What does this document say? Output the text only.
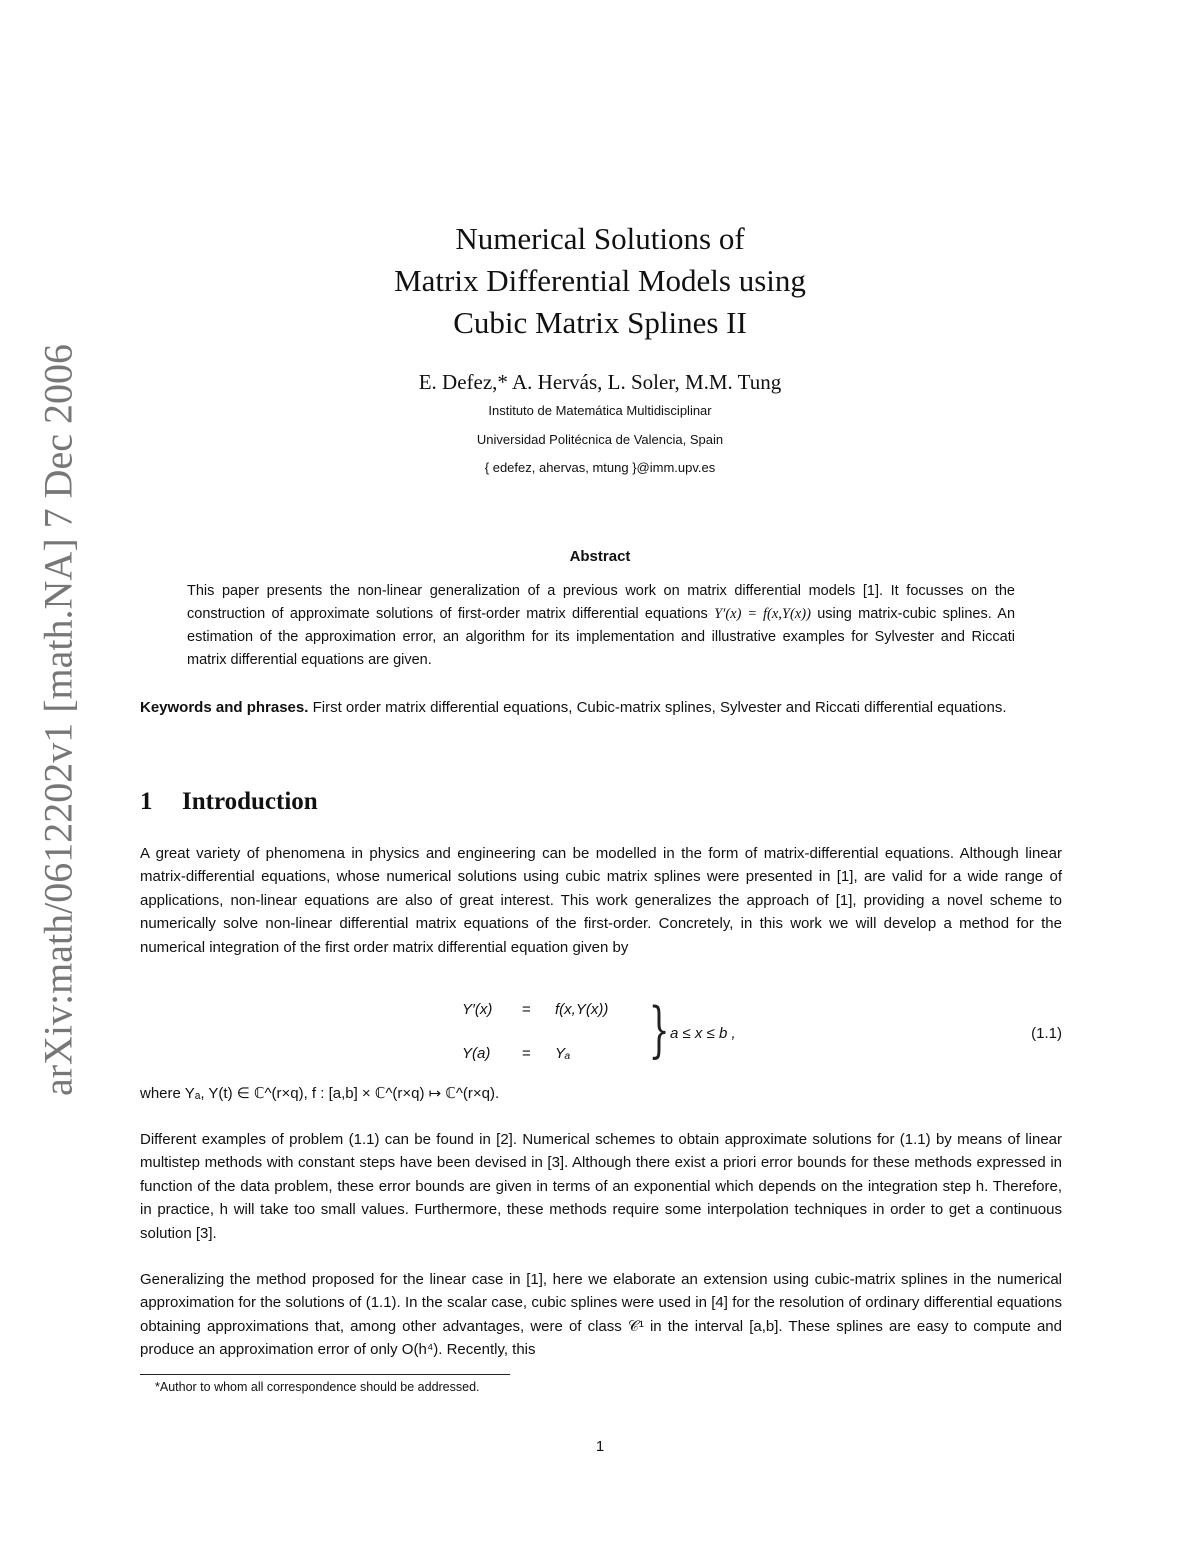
arXiv:math/0612202v1 [math.NA] 7 Dec 2006
Numerical Solutions of
Matrix Differential Models using
Cubic Matrix Splines II
E. Defez,* A. Hervás, L. Soler, M.M. Tung
Instituto de Matemática Multidisciplinar
Universidad Politécnica de Valencia, Spain
{ edefez, ahervas, mtung }@imm.upv.es
Abstract
This paper presents the non-linear generalization of a previous work on matrix differential models [1]. It focusses on the construction of approximate solutions of first-order matrix differential equations Y′(x) = f(x,Y(x)) using matrix-cubic splines. An estimation of the approximation error, an algorithm for its implementation and illustrative examples for Sylvester and Riccati matrix differential equations are given.
Keywords and phrases. First order matrix differential equations, Cubic-matrix splines, Sylvester and Riccati differential equations.
1 Introduction
A great variety of phenomena in physics and engineering can be modelled in the form of matrix-differential equations. Although linear matrix-differential equations, whose numerical solutions using cubic matrix splines were presented in [1], are valid for a wide range of applications, non-linear equations are also of great interest. This work generalizes the approach of [1], providing a novel scheme to numerically solve non-linear differential matrix equations of the first-order. Concretely, in this work we will develop a method for the numerical integration of the first order matrix differential equation given by
Y′(x) = f(x,Y(x))
Y(a) = Yₐ } a ≤ x ≤ b ,	(1.1)
where Yₐ, Y(t) ∈ ℂ^(r×q), f : [a,b] × ℂ^(r×q) ↦ ℂ^(r×q).
Different examples of problem (1.1) can be found in [2]. Numerical schemes to obtain approximate solutions for (1.1) by means of linear multistep methods with constant steps have been devised in [3]. Although there exist a priori error bounds for these methods expressed in function of the data problem, these error bounds are given in terms of an exponential which depends on the integration step h. Therefore, in practice, h will take too small values. Furthermore, these methods require some interpolation techniques in order to get a continuous solution [3].
Generalizing the method proposed for the linear case in [1], here we elaborate an extension using cubic-matrix splines in the numerical approximation for the solutions of (1.1). In the scalar case, cubic splines were used in [4] for the resolution of ordinary differential equations obtaining approximations that, among other advantages, were of class 𝒞¹ in the interval [a,b]. These splines are easy to compute and produce an approximation error of only O(h⁴). Recently, this
*Author to whom all correspondence should be addressed.
1
